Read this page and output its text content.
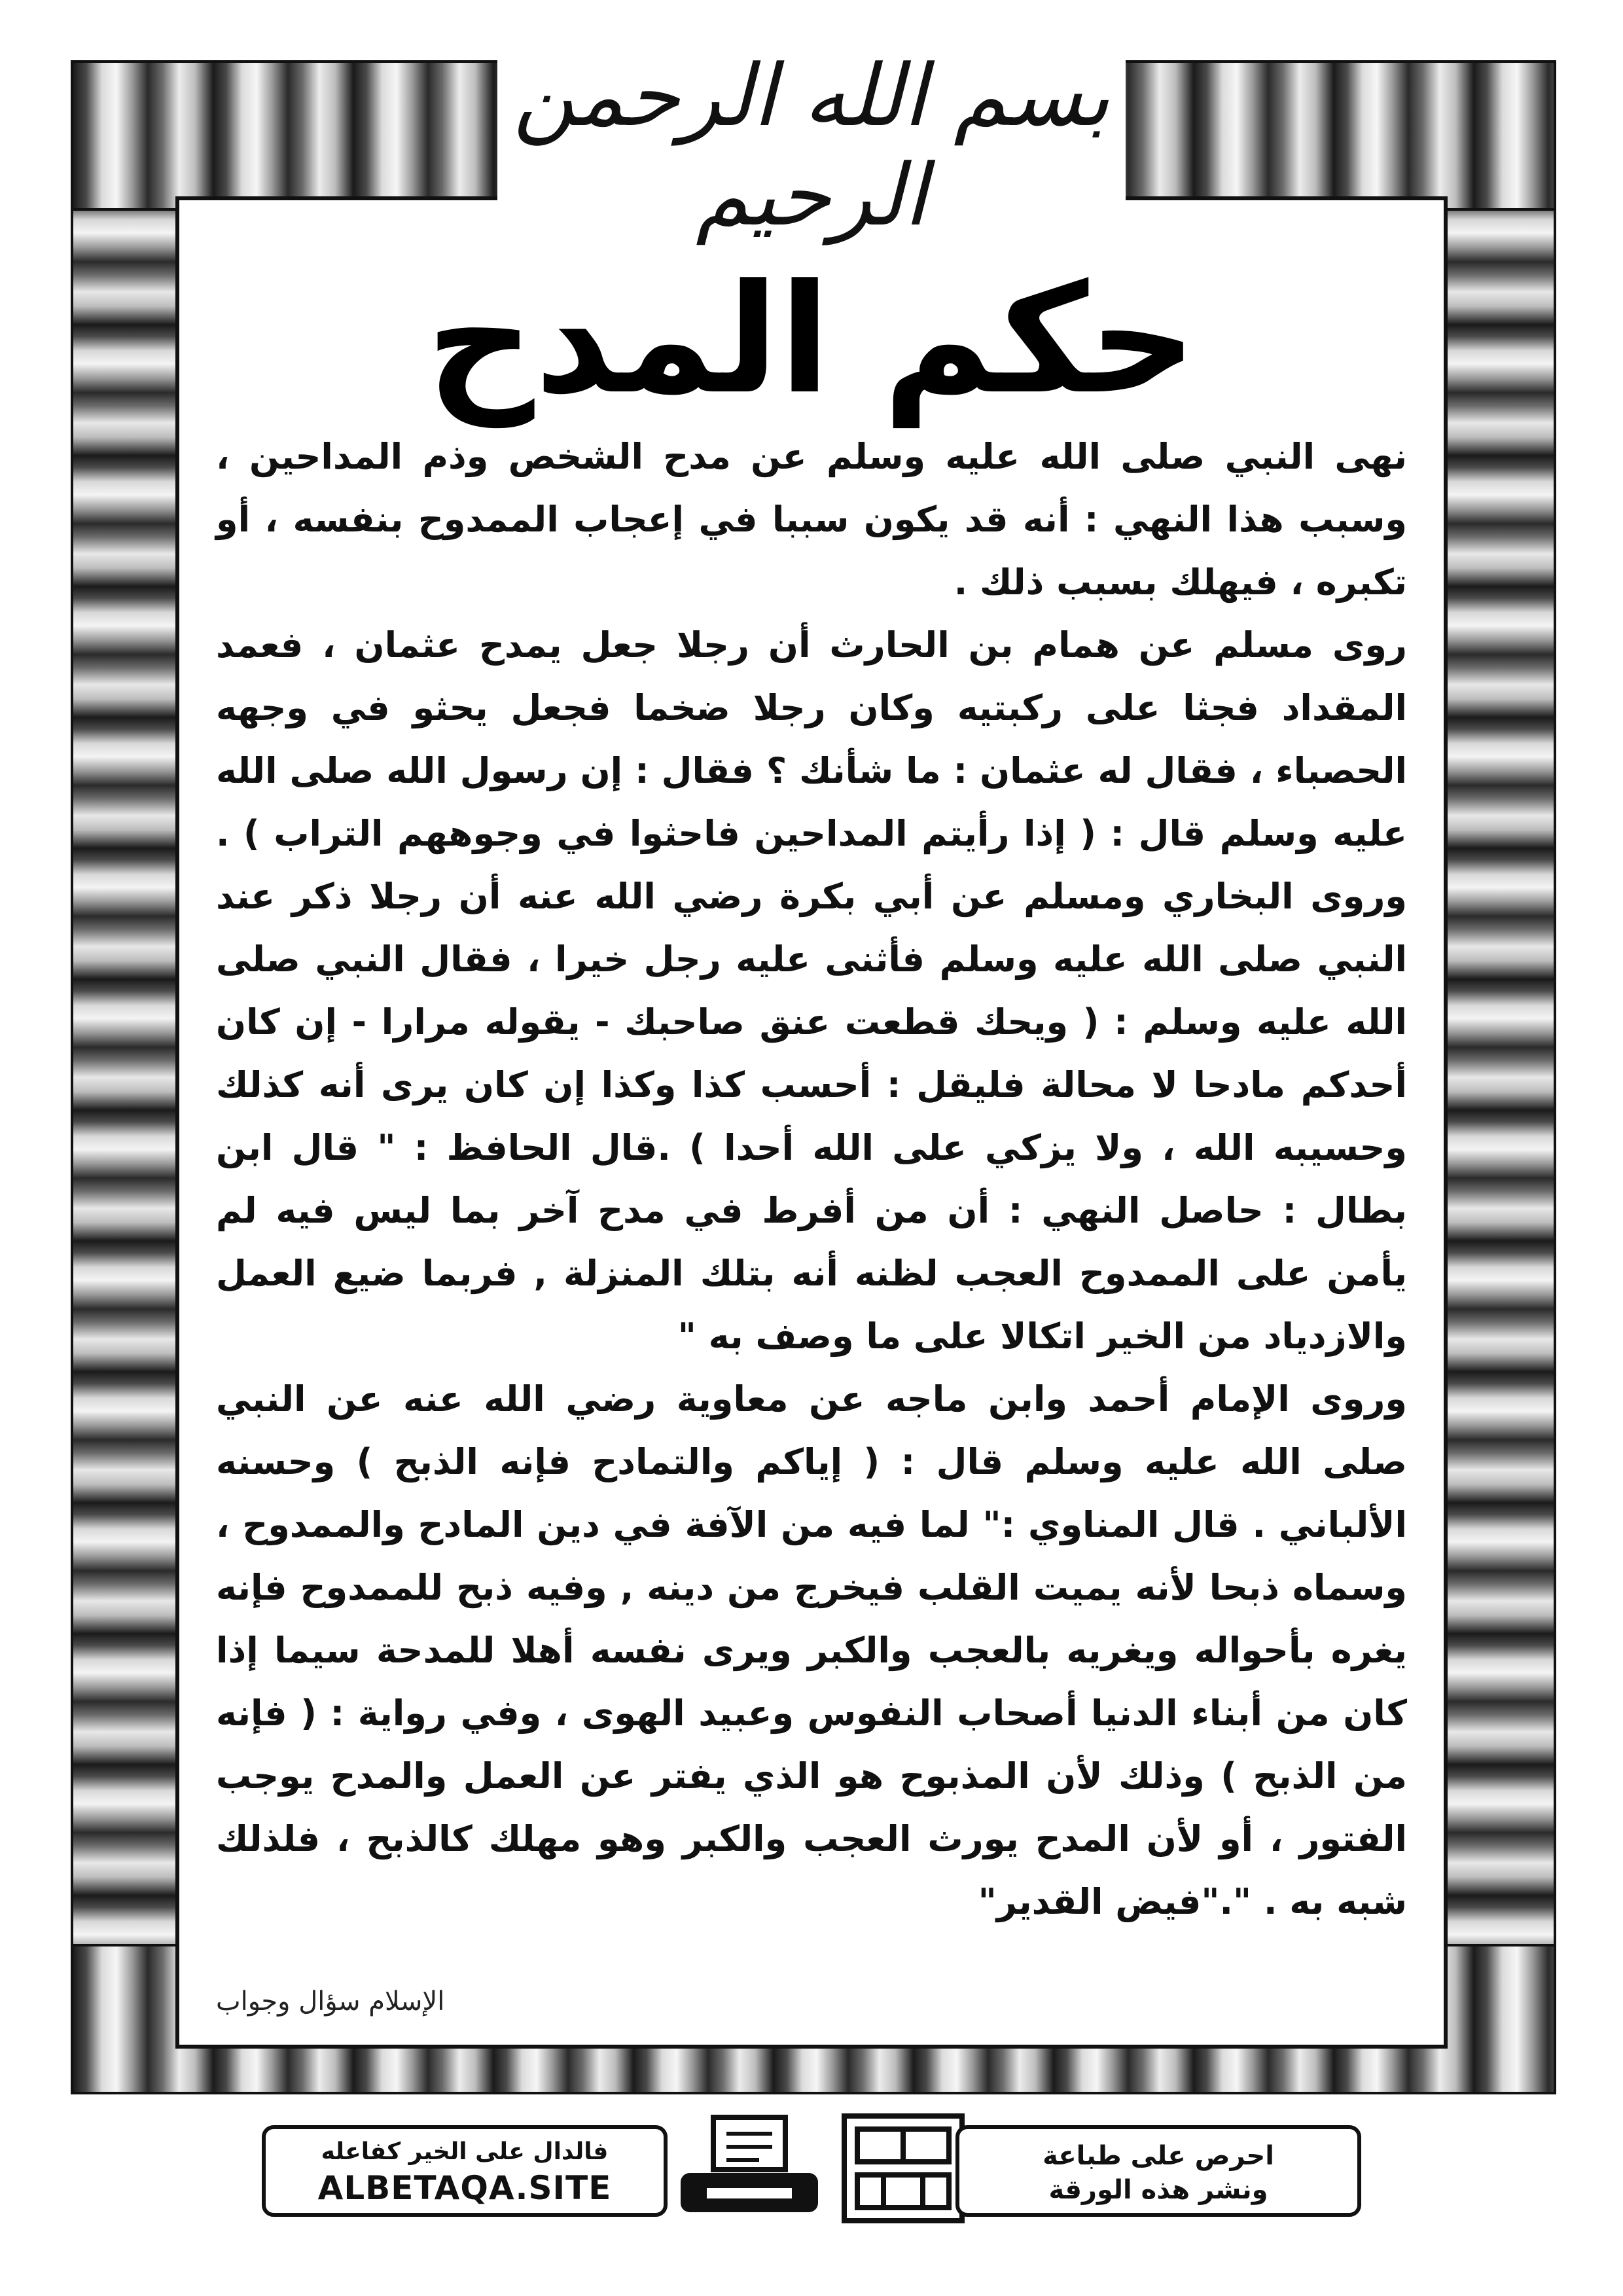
بسم الله الرحمن الرحيم
حكم المدح

نهى النبي صلى الله عليه وسلم عن مدح الشخص وذم المداحين ، وسبب هذا النهي : أنه قد يكون سببا في إعجاب الممدوح بنفسه ، أو تكبره ، فيهلك بسبب ذلك .

روى مسلم عن همام بن الحارث أن رجلا جعل يمدح عثمان ، فعمد المقداد فجثا على ركبتيه وكان رجلا ضخما فجعل يحثو في وجهه الحصباء ، فقال له عثمان : ما شأنك ؟ فقال : إن رسول الله صلى الله عليه وسلم قال : ( إذا رأيتم المداحين فاحثوا في وجوههم التراب ) . وروى البخاري ومسلم عن أبي بكرة رضي الله عنه أن رجلا ذكر عند النبي صلى الله عليه وسلم فأثنى عليه رجل خيرا ، فقال النبي صلى الله عليه وسلم : ( ويحك قطعت عنق صاحبك - يقوله مرارا - إن كان أحدكم مادحا لا محالة فليقل : أحسب كذا وكذا إن كان يرى أنه كذلك وحسيبه الله ، ولا يزكي على الله أحدا ) .قال الحافظ : " قال ابن بطال : حاصل النهي : أن من أفرط في مدح آخر بما ليس فيه لم يأمن على الممدوح العجب لظنه أنه بتلك المنزلة , فربما ضيع العمل والازدياد من الخير اتكالا على ما وصف به "

وروى الإمام أحمد وابن ماجه عن معاوية رضي الله عنه عن النبي صلى الله عليه وسلم قال : ( إياكم والتمادح فإنه الذبح ) وحسنه الألباني . قال المناوي :" لما فيه من الآفة في دين المادح والممدوح ، وسماه ذبحا لأنه يميت القلب فيخرج من دينه , وفيه ذبح للممدوح فإنه يغره بأحواله ويغريه بالعجب والكبر ويرى نفسه أهلا للمدحة سيما إذا كان من أبناء الدنيا أصحاب النفوس وعبيد الهوى ، وفي رواية : ( فإنه من الذبح ) وذلك لأن المذبوح هو الذي يفتر عن العمل والمدح يوجب الفتور ، أو لأن المدح يورث العجب والكبر وهو مهلك كالذبح ، فلذلك شبه به . "."فيض القدير"

الإسلام سؤال وجواب
فالدال على الخير كفاعله
ALBETAQA.SITE
احرص على طباعة
ونشر هذه الورقة
